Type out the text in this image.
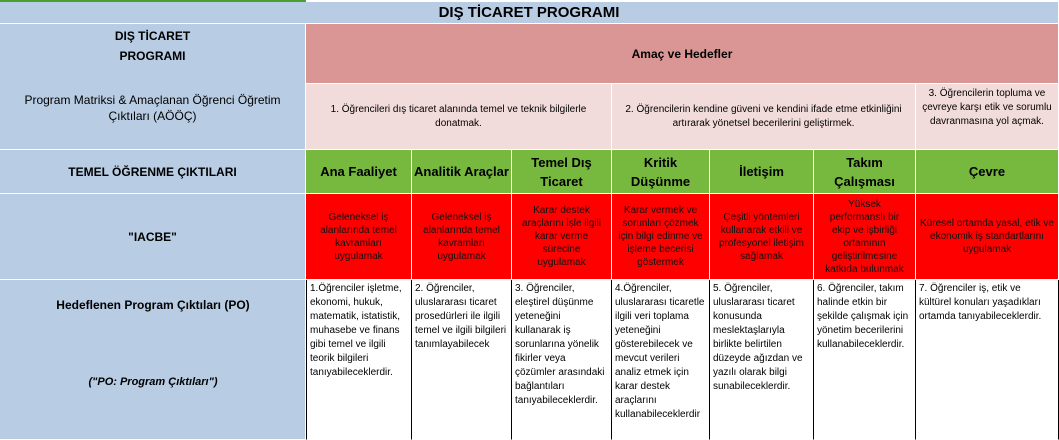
DIŞ TİCARET PROGRAMI
DIŞ TİCARET
PROGRAMI
Program Matriksi & Amaçlanan Öğrenci Öğretim Çıktıları (AÖÖÇ)
TEMEL ÖĞRENME ÇIKTILARI
"IACBE"
Hedeflenen Program Çıktıları (PO)
("PO: Program Çıktıları")
Amaç ve Hedefler
1. Öğrencileri dış ticaret alanında temel ve teknik bilgilerle donatmak.
2. Öğrencilerin kendine güveni ve kendini ifade etme etkinliğini artırarak yönetsel becerilerini geliştirmek.
3. Öğrencilerin topluma ve çevreye karşı etik ve sorumlu davranmasına yol açmak.
Ana Faaliyet	Analitik Araçlar
Temel Dış Ticaret
Kritik Düşünme
İletişim
Takım Çalışması
Çevre
Geleneksel iş alanlarında temel kavramları uygulamak
Geleneksel iş alanlarında temel kavramları uygulamak
Karar destek araçlarını işle ilgili karar verme sürecine uygulamak
Karar vermek ve sorunları çözmek için bilgi edinme ve işleme becerisi göstermek
Çeşitli yöntemleri kullanarak etkili ve profesyonel iletişim sağlamak
Yüksek performanslı bir ekip ve işbirliği ortamının geliştirilmesine katkıda bulunmak
Küresel ortamda yasal, etik ve ekonomik iş standartlarını uygulamak
1.Öğrenciler işletme, ekonomi, hukuk, matematik, istatistik, muhasebe ve finans gibi temel ve ilgili teorik bilgileri tanıyabileceklerdir.
2. Öğrenciler, uluslararası ticaret prosedürleri ile ilgili temel ve ilgili bilgileri tanımlayabilecek
3. Öğrenciler, eleştirel düşünme yeteneğini kullanarak iş sorunlarına yönelik fikirler veya çözümler arasındaki bağlantıları tanıyabileceklerdir.
4.Öğrenciler, uluslararası ticaretle ilgili veri toplama yeteneğini gösterebilecek ve mevcut verileri analiz etmek için karar destek araçlarını kullanabileceklerdir
5. Öğrenciler, uluslararası ticaret konusunda meslektaşlarıyla birlikte belirtilen düzeyde ağızdan ve yazılı olarak bilgi sunabileceklerdir.
6. Öğrenciler, takım halinde etkin bir şekilde çalışmak için yönetim becerilerini kullanabileceklerdir.
7. Öğrenciler iş, etik ve kültürel konuları yaşadıkları ortamda tanıyabileceklerdir.
